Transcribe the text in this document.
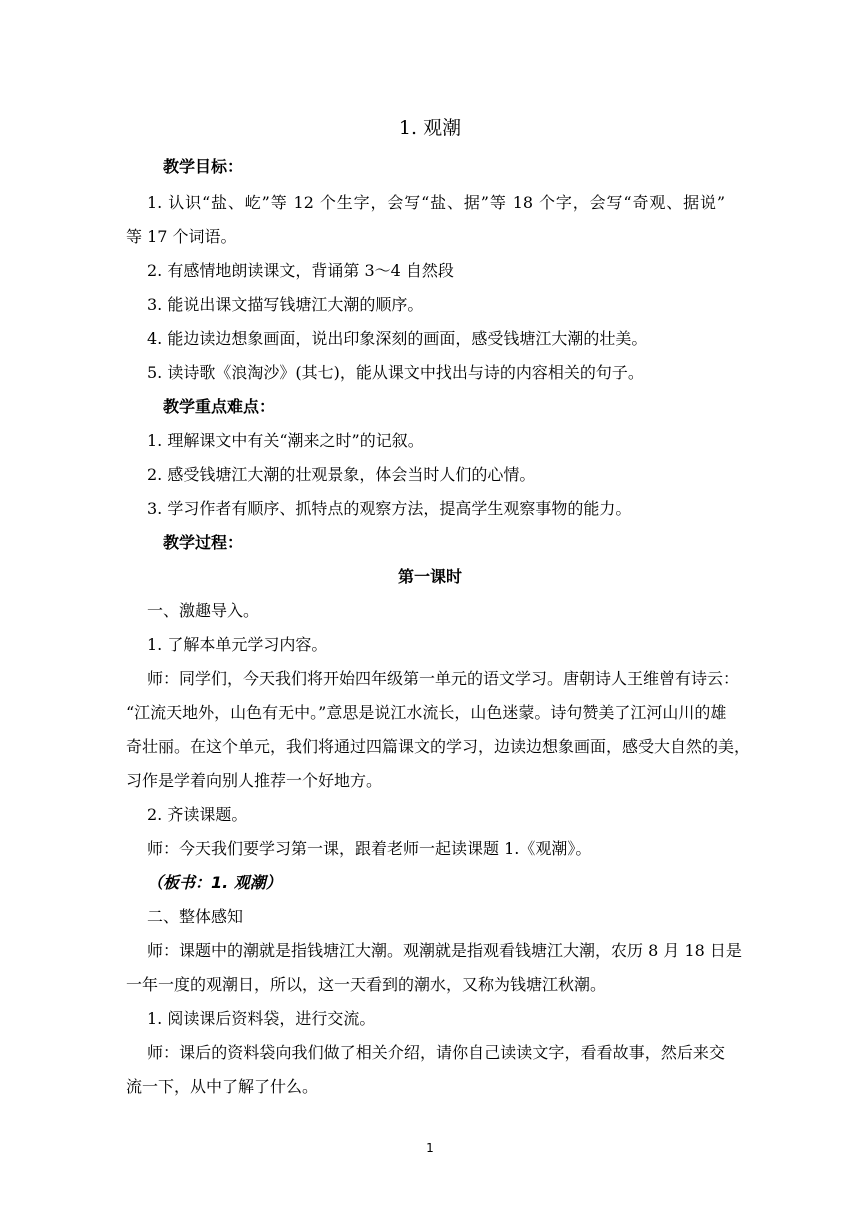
1. 观潮
教学目标：
1. 认识“盐、屹”等 12 个生字，会写“盐、据”等 18 个字，会写“奇观、据说”
等 17 个词语。
2. 有感情地朗读课文，背诵第 3～4 自然段
3. 能说出课文描写钱塘江大潮的顺序。
4. 能边读边想象画面，说出印象深刻的画面，感受钱塘江大潮的壮美。
5. 读诗歌《浪淘沙》(其七)，能从课文中找出与诗的内容相关的句子。
教学重点难点：
1. 理解课文中有关“潮来之时”的记叙。
2. 感受钱塘江大潮的壮观景象，体会当时人们的心情。
3. 学习作者有顺序、抓特点的观察方法，提高学生观察事物的能力。
教学过程：
第一课时
一、激趣导入。
1. 了解本单元学习内容。
师：同学们，今天我们将开始四年级第一单元的语文学习。唐朝诗人王维曾有诗云：
“江流天地外，山色有无中。”意思是说江水流长，山色迷蒙。诗句赞美了江河山川的雄
奇壮丽。在这个单元，我们将通过四篇课文的学习，边读边想象画面，感受大自然的美，
习作是学着向别人推荐一个好地方。
2. 齐读课题。
师：今天我们要学习第一课，跟着老师一起读课题 1.《观潮》。
（板书：1. 观潮）
二、整体感知
师：课题中的潮就是指钱塘江大潮。观潮就是指观看钱塘江大潮，农历 8 月 18 日是
一年一度的观潮日，所以，这一天看到的潮水，又称为钱塘江秋潮。
1. 阅读课后资料袋，进行交流。
师：课后的资料袋向我们做了相关介绍，请你自己读读文字，看看故事，然后来交
流一下，从中了解了什么。
1
